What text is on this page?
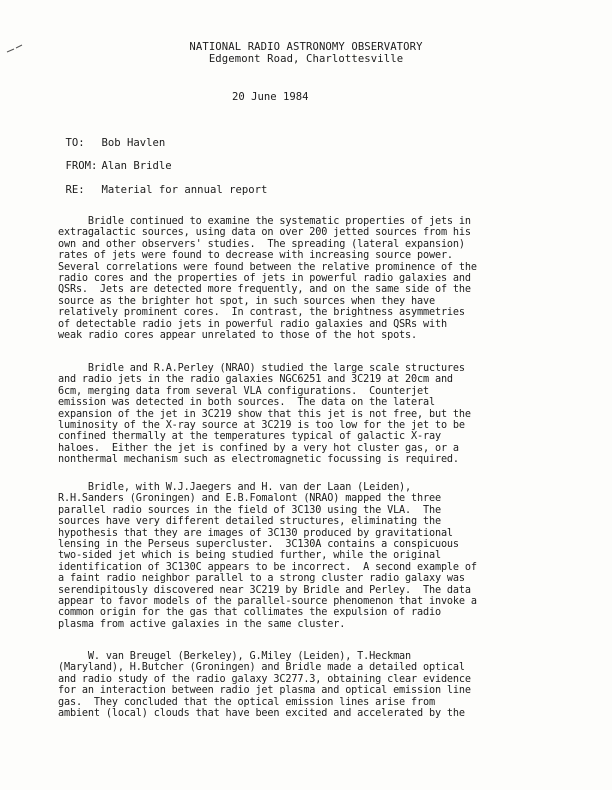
NATIONAL RADIO ASTRONOMY OBSERVATORY
Edgemont Road, Charlottesville
20 June 1984

TO: Bob Havlen

FROM: Alan Bridle

RE: Material for annual report

Bridle continued to examine the systematic properties of jets in
extragalactic sources, using data on over 200 jetted sources from his
own and other observers' studies.  The spreading (lateral expansion)
rates of jets were found to decrease with increasing source power.
Several correlations were found between the relative prominence of the
radio cores and the properties of jets in powerful radio galaxies and
QSRs.  Jets are detected more frequently, and on the same side of the
source as the brighter hot spot, in such sources when they have
relatively prominent cores.  In contrast, the brightness asymmetries
of detectable radio jets in powerful radio galaxies and QSRs with
weak radio cores appear unrelated to those of the hot spots.
Bridle and R.A.Perley (NRAO) studied the large scale structures
and radio jets in the radio galaxies NGC6251 and 3C219 at 20cm and
6cm, merging data from several VLA configurations.  Counterjet
emission was detected in both sources.  The data on the lateral
expansion of the jet in 3C219 show that this jet is not free, but the
luminosity of the X-ray source at 3C219 is too low for the jet to be
confined thermally at the temperatures typical of galactic X-ray
haloes.  Either the jet is confined by a very hot cluster gas, or a
nonthermal mechanism such as electromagnetic focussing is required.
Bridle, with W.J.Jaegers and H. van der Laan (Leiden),
R.H.Sanders (Groningen) and E.B.Fomalont (NRAO) mapped the three
parallel radio sources in the field of 3C130 using the VLA.  The
sources have very different detailed structures, eliminating the
hypothesis that they are images of 3C130 produced by gravitational
lensing in the Perseus supercluster.  3C130A contains a conspicuous
two-sided jet which is being studied further, while the original
identification of 3C130C appears to be incorrect.  A second example of
a faint radio neighbor parallel to a strong cluster radio galaxy was
serendipitously discovered near 3C219 by Bridle and Perley.  The data
appear to favor models of the parallel-source phenomenon that invoke a
common origin for the gas that collimates the expulsion of radio
plasma from active galaxies in the same cluster.
W. van Breugel (Berkeley), G.Miley (Leiden), T.Heckman
(Maryland), H.Butcher (Groningen) and Bridle made a detailed optical
and radio study of the radio galaxy 3C277.3, obtaining clear evidence
for an interaction between radio jet plasma and optical emission line
gas.  They concluded that the optical emission lines arise from
ambient (local) clouds that have been excited and accelerated by the
